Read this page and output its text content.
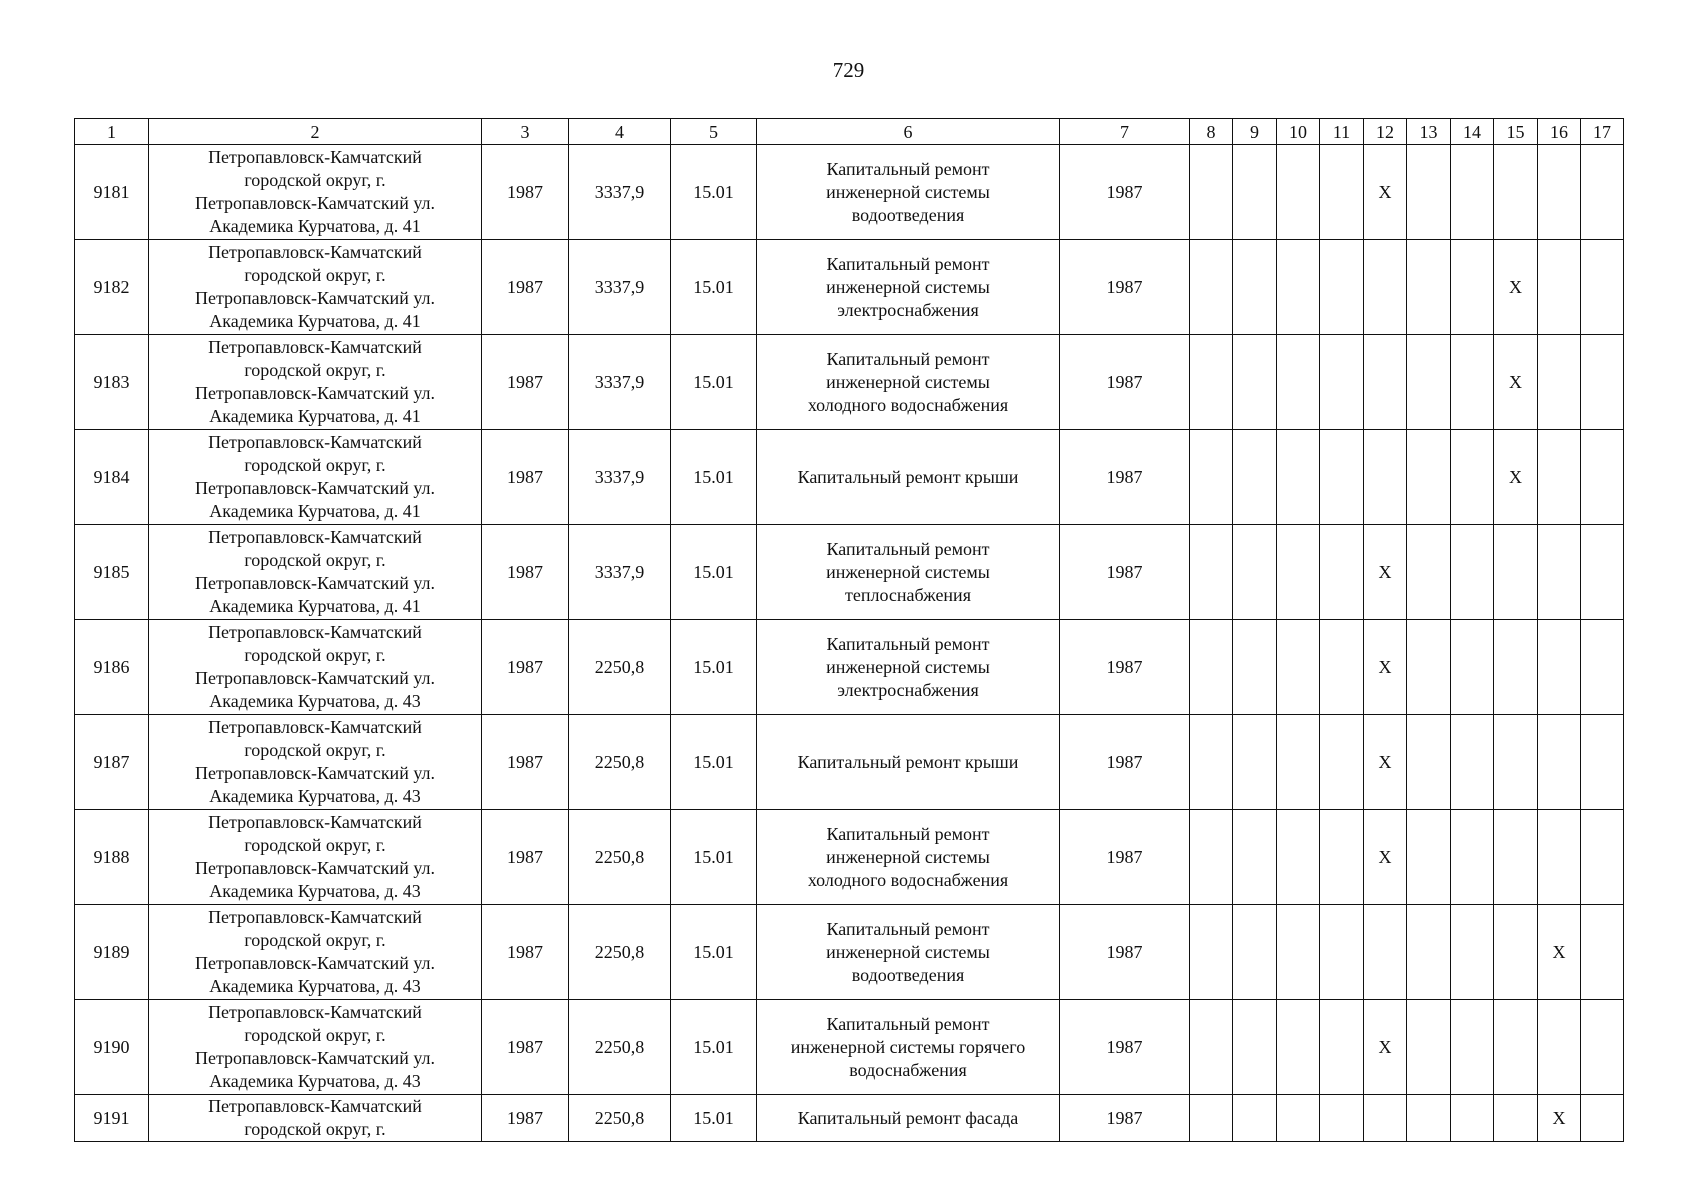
729
1	2	3	4	5	6	7	8	9	10	11	12	13	14	15	16	17
9181	Петропавловск-Камчатский
городской округ, г.
Петропавловск-Камчатский ул.
Академика Курчатова, д. 41	1987	3337,9	15.01	Капитальный ремонт
инженерной системы
водоотведения	1987					X					
9182	Петропавловск-Камчатский
городской округ, г.
Петропавловск-Камчатский ул.
Академика Курчатова, д. 41	1987	3337,9	15.01	Капитальный ремонт
инженерной системы
электроснабжения	1987								X		
9183	Петропавловск-Камчатский
городской округ, г.
Петропавловск-Камчатский ул.
Академика Курчатова, д. 41	1987	3337,9	15.01	Капитальный ремонт
инженерной системы
холодного водоснабжения	1987								X		
9184	Петропавловск-Камчатский
городской округ, г.
Петропавловск-Камчатский ул.
Академика Курчатова, д. 41	1987	3337,9	15.01	Капитальный ремонт крыши	1987								X		
9185	Петропавловск-Камчатский
городской округ, г.
Петропавловск-Камчатский ул.
Академика Курчатова, д. 41	1987	3337,9	15.01	Капитальный ремонт
инженерной системы
теплоснабжения	1987					X					
9186	Петропавловск-Камчатский
городской округ, г.
Петропавловск-Камчатский ул.
Академика Курчатова, д. 43	1987	2250,8	15.01	Капитальный ремонт
инженерной системы
электроснабжения	1987					X					
9187	Петропавловск-Камчатский
городской округ, г.
Петропавловск-Камчатский ул.
Академика Курчатова, д. 43	1987	2250,8	15.01	Капитальный ремонт крыши	1987					X					
9188	Петропавловск-Камчатский
городской округ, г.
Петропавловск-Камчатский ул.
Академика Курчатова, д. 43	1987	2250,8	15.01	Капитальный ремонт
инженерной системы
холодного водоснабжения	1987					X					
9189	Петропавловск-Камчатский
городской округ, г.
Петропавловск-Камчатский ул.
Академика Курчатова, д. 43	1987	2250,8	15.01	Капитальный ремонт
инженерной системы
водоотведения	1987									X	
9190	Петропавловск-Камчатский
городской округ, г.
Петропавловск-Камчатский ул.
Академика Курчатова, д. 43	1987	2250,8	15.01	Капитальный ремонт
инженерной системы горячего
водоснабжения	1987					X					
9191	Петропавловск-Камчатский
городской округ, г.	1987	2250,8	15.01	Капитальный ремонт фасада	1987									X	
